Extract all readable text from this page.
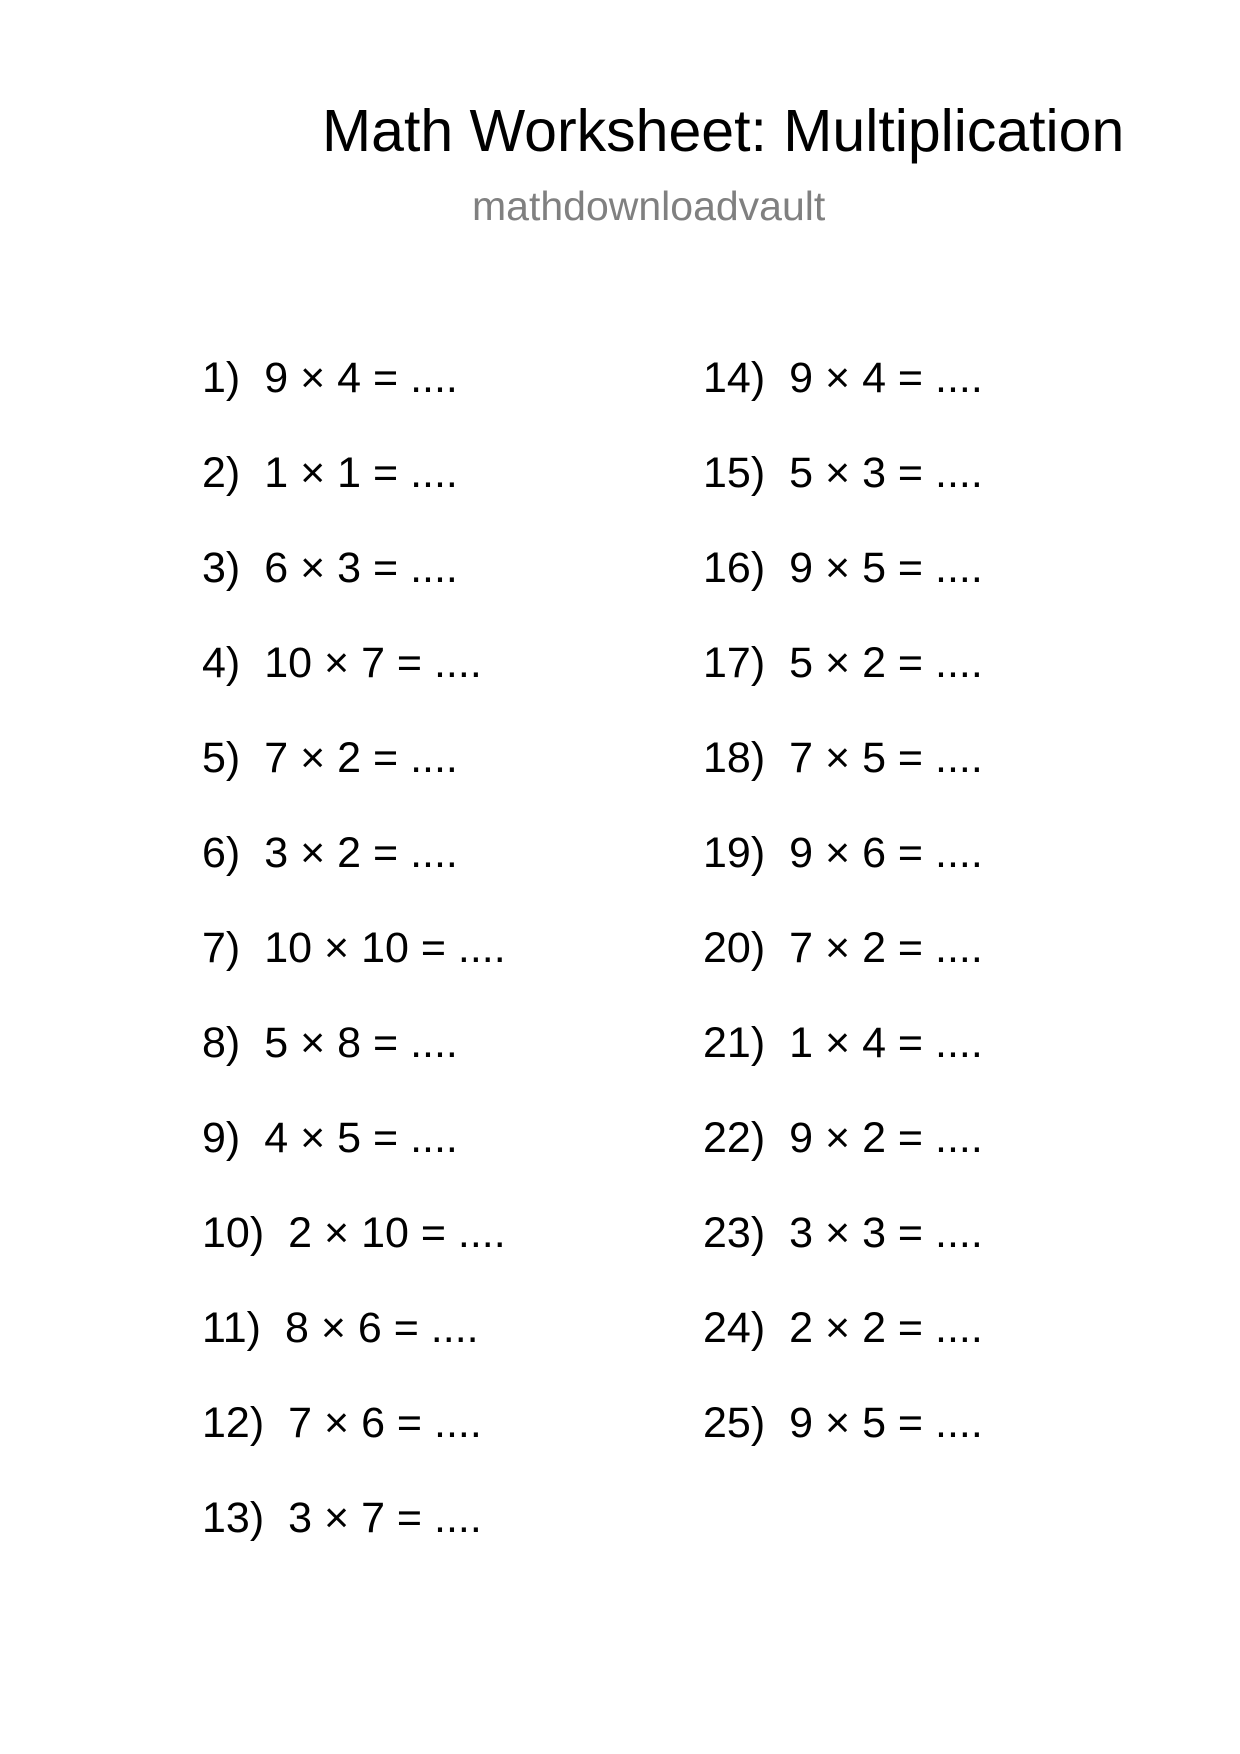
Math Worksheet: Multiplication
mathdownloadvault
1) 9 × 4 = ....
2) 1 × 1 = ....
3) 6 × 3 = ....
4) 10 × 7 = ....
5) 7 × 2 = ....
6) 3 × 2 = ....
7) 10 × 10 = ....
8) 5 × 8 = ....
9) 4 × 5 = ....
10) 2 × 10 = ....
11) 8 × 6 = ....
12) 7 × 6 = ....
13) 3 × 7 = ....
14) 9 × 4 = ....
15) 5 × 3 = ....
16) 9 × 5 = ....
17) 5 × 2 = ....
18) 7 × 5 = ....
19) 9 × 6 = ....
20) 7 × 2 = ....
21) 1 × 4 = ....
22) 9 × 2 = ....
23) 3 × 3 = ....
24) 2 × 2 = ....
25) 9 × 5 = ....
